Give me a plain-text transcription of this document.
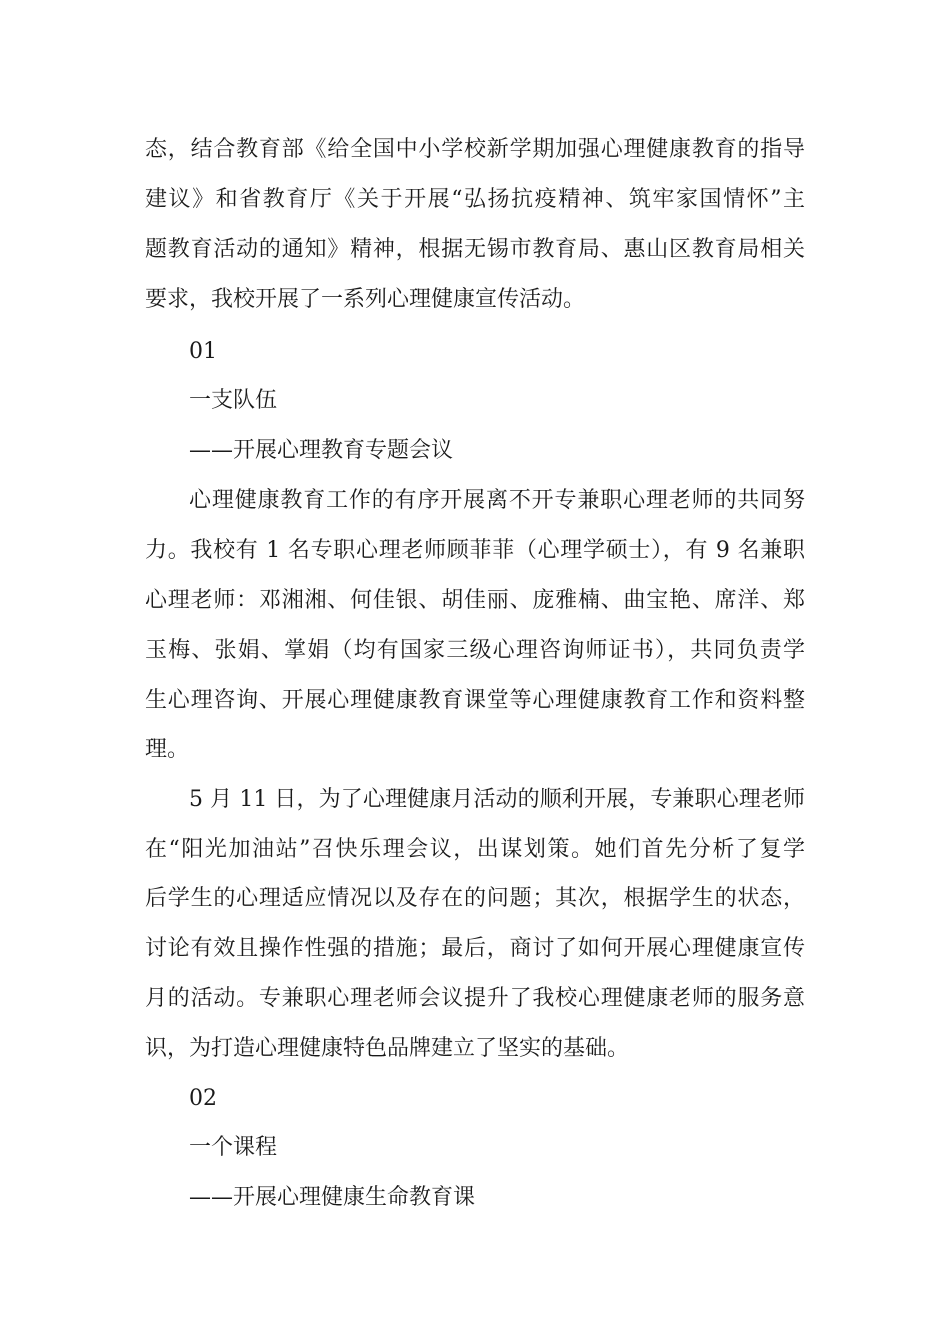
态，结合教育部《给全国中小学校新学期加强心理健康教育的指导
建议》和省教育厅《关于开展“弘扬抗疫精神、筑牢家国情怀”主
题教育活动的通知》精神，根据无锡市教育局、惠山区教育局相关
要求，我校开展了一系列心理健康宣传活动。
01
一支队伍
——开展心理教育专题会议
心理健康教育工作的有序开展离不开专兼职心理老师的共同努
力。我校有 1 名专职心理老师顾菲菲（心理学硕士），有 9 名兼职
心理老师：邓湘湘、何佳银、胡佳丽、庞雅楠、曲宝艳、席洋、郑
玉梅、张娟、掌娟（均有国家三级心理咨询师证书），共同负责学
生心理咨询、开展心理健康教育课堂等心理健康教育工作和资料整
理。
5 月 11 日，为了心理健康月活动的顺利开展，专兼职心理老师
在“阳光加油站”召快乐理会议，出谋划策。她们首先分析了复学
后学生的心理适应情况以及存在的问题；其次，根据学生的状态，
讨论有效且操作性强的措施；最后，商讨了如何开展心理健康宣传
月的活动。专兼职心理老师会议提升了我校心理健康老师的服务意
识，为打造心理健康特色品牌建立了坚实的基础。
02
一个课程
——开展心理健康生命教育课
